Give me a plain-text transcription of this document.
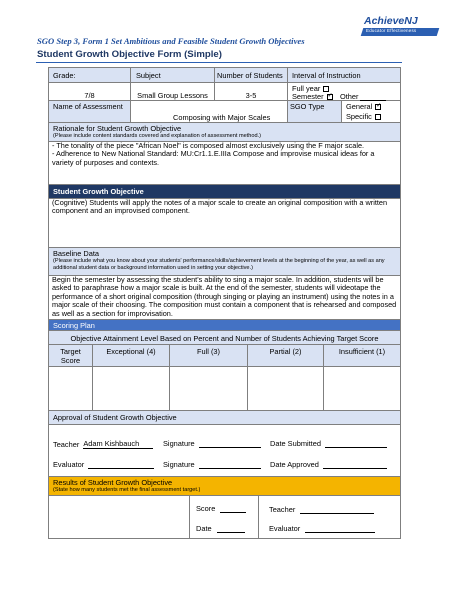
AchieveNJ
Educator Effectiveness
SGO Step 3, Form 1 Set Ambitious and Feasible Student Growth Objectives
Student Growth Objective Form (Simple)
Grade:	Subject	Number of Students	Interval of Instruction
7/8	Small Group Lessons	3-5
Full year
Semester✓	Other
Name of Assessment
Composing with Major Scales
SGO Type	General✓
Specific
Rationale for Student Growth Objective
(Please include content standards covered and explanation of assessment method.)
- The tonality of the piece "African Noel" is composed almost exclusively using the F major scale.
- Adherence to New National Standard: MU:Cr1.1.E.IIIa Compose and improvise musical ideas for a variety of purposes and contexts.
Student Growth Objective
(Cognitive) Students will apply the notes of a major scale to create an original composition with a written component and an improvised component.
Baseline Data
(Please include what you know about your students' performance/skills/achievement levels at the beginning of the year, as well as any additional student data or background information used in setting your objective.)
Begin the semester by assessing the student's ability to sing a major scale. In addition, students will be asked to paraphrase how a major scale is built. At the end of the semester, students will videotape the performance of a short original composition (through singing or playing an instrument) using the notes in a major scale of their choosing. The composition must contain a component that is rehearsed and composed as well as a section for improvisation.
Scoring Plan
Objective Attainment Level Based on Percent and Number of Students Achieving Target Score
Target Score
Exceptional (4)	Full (3)	Partial (2)	Insufficient (1)
Approval of Student Growth Objective
Teacher Adam Kishbauch
Evaluator
Signature
Signature
Date Submitted
Date Approved
Results of Student Growth Objective
(State how many students met the final assessment target.)
Score
Date
Teacher
Evaluator
